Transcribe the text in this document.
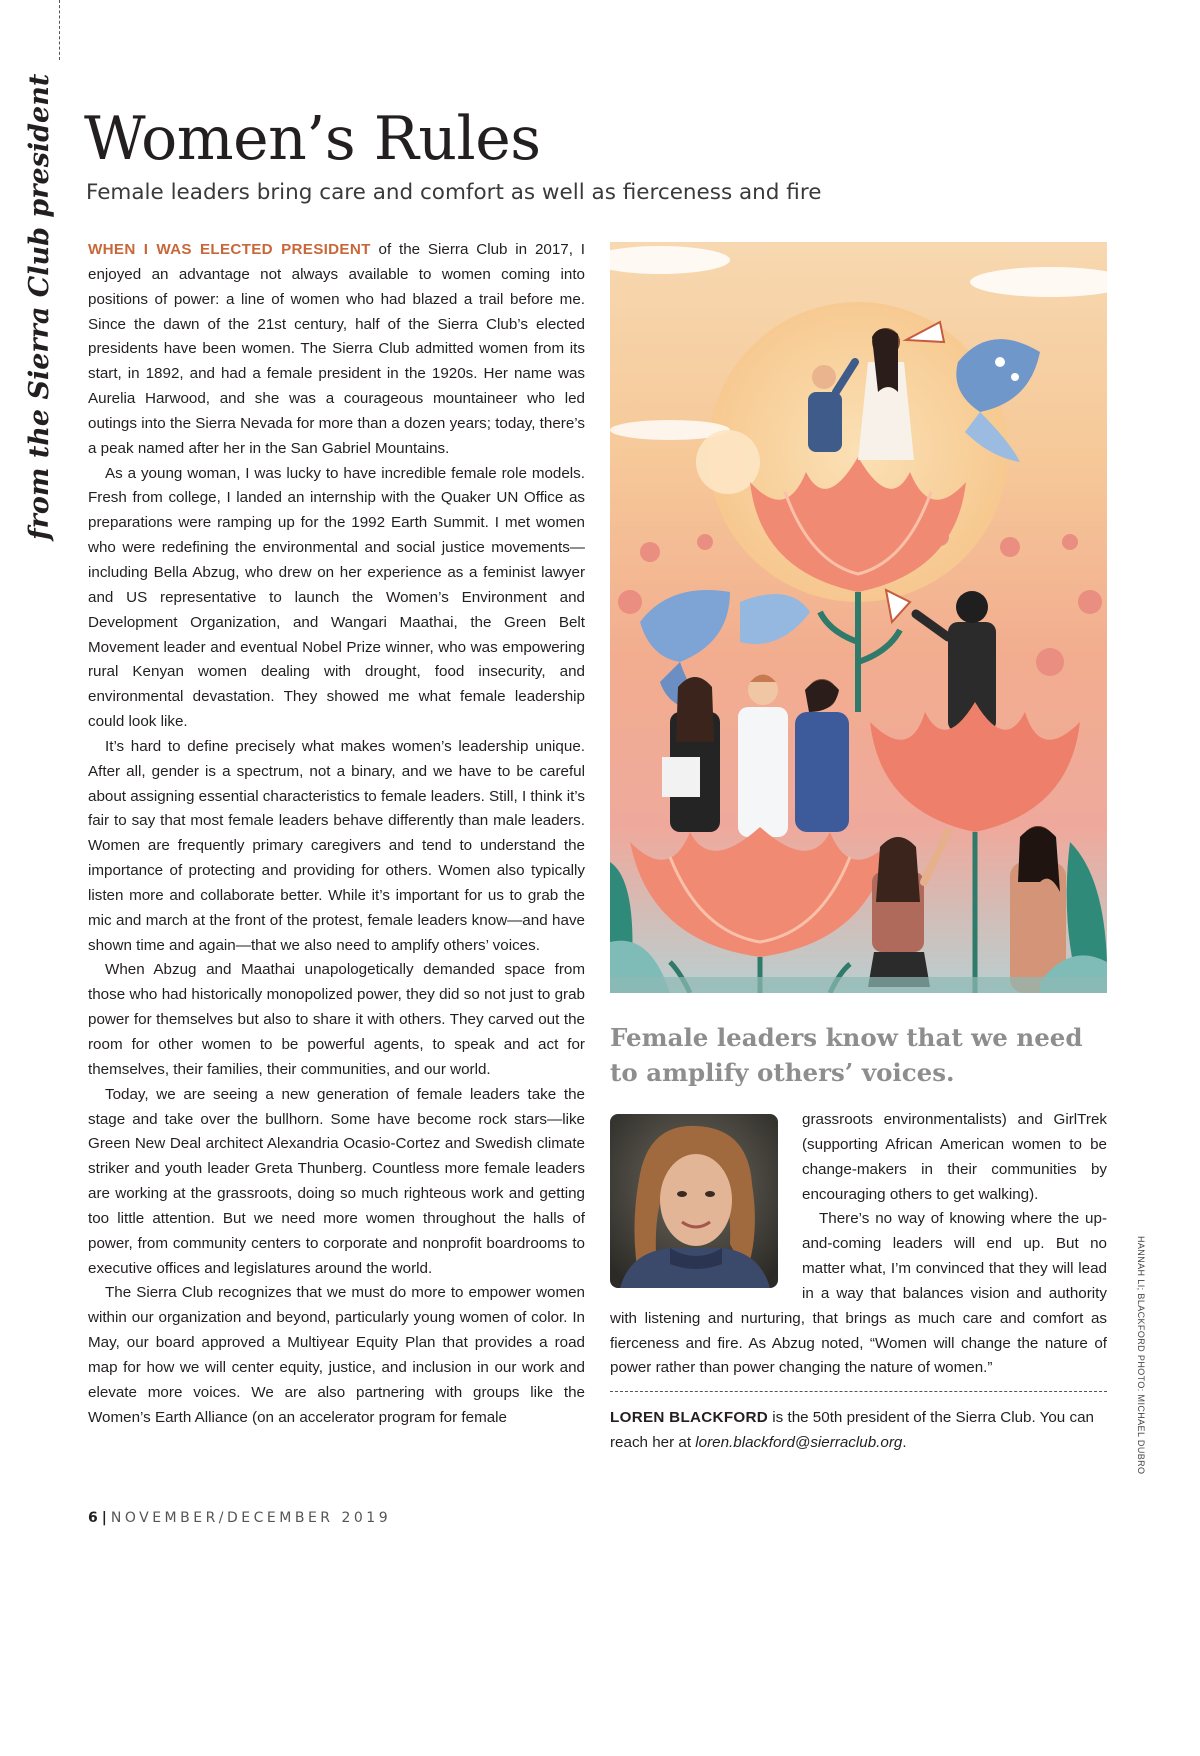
from the Sierra Club president Women’s Rules
Female leaders bring care and comfort as well as fierceness and fire

WHEN I WAS ELECTED PRESIDENT of the Sierra Club in 2017, I enjoyed an advantage not always available to women coming into positions of power: a line of women who had blazed a trail before me. Since the dawn of the 21st century, half of the Sierra Club’s elected presidents have been women. The Sierra Club admitted women from its start, in 1892, and had a female president in the 1920s. Her name was Aurelia Harwood, and she was a courageous mountaineer who led outings into the Sierra Nevada for more than a dozen years; today, there’s a peak named after her in the San Gabriel Mountains.

As a young woman, I was lucky to have incredible female role models. Fresh from college, I landed an internship with the Quaker UN Office as preparations were ramping up for the 1992 Earth Summit. I met women who were redefining the environmental and social justice movements—including Bella Abzug, who drew on her experience as a feminist lawyer and US representative to launch the Women’s Environment and Development Organization, and Wangari Maathai, the Green Belt Movement leader and eventual Nobel Prize winner, who was empowering rural Kenyan women dealing with drought, food insecurity, and environmental devastation. They showed me what female leadership could look like.

It’s hard to define precisely what makes women’s leadership unique. After all, gender is a spectrum, not a binary, and we have to be careful about assigning essential characteristics to female leaders. Still, I think it’s fair to say that most female leaders behave differently than male leaders. Women are frequently primary caregivers and tend to understand the importance of protecting and providing for others. Women also typically listen more and collaborate better. While it’s important for us to grab the mic and march at the front of the protest, female leaders know—and have shown time and again—that we also need to amplify others’ voices.

When Abzug and Maathai unapologetically demanded space from those who had historically monopolized power, they did so not just to grab power for themselves but also to share it with others. They carved out the room for other women to be powerful agents, to speak and act for themselves, their families, their communities, and our world.

Today, we are seeing a new generation of female leaders take the stage and take over the bullhorn. Some have become rock stars—like Green New Deal architect Alexandria Ocasio-Cortez and Swedish climate striker and youth leader Greta Thunberg. Countless more female leaders are working at the grassroots, doing so much righteous work and getting too little attention. But we need more women throughout the halls of power, from community centers to corporate and nonprofit boardrooms to executive offices and legislatures around the world.

The Sierra Club recognizes that we must do more to empower women within our organization and beyond, particularly young women of color. In May, our board approved a Multiyear Equity Plan that provides a road map for how we will center equity, justice, and inclusion in our work and elevate more voices. We are also partnering with groups like the Women’s Earth Alliance (on an accelerator program for female

Female leaders know that we need to amplify others’ voices.

grassroots environmentalists) and GirlTrek (supporting African American women to be change-makers in their communities by encouraging others to get walking).

There’s no way of knowing where the up-and-coming leaders will end up. But no matter what, I’m convinced that they will lead in a way that balances vision and authority with listening and nurturing, that brings as much care and comfort as fierceness and fire. As Abzug noted, “Women will change the nature of power rather than power changing the nature of women.”

LOREN BLACKFORD is the 50th president of the Sierra Club. You can reach her at loren.blackford@sierraclub.org.	HANNAH LI; BLACKFORD PHOTO: MICHAEL DUBRO
6 | NOVEMBER/DECEMBER 2019
